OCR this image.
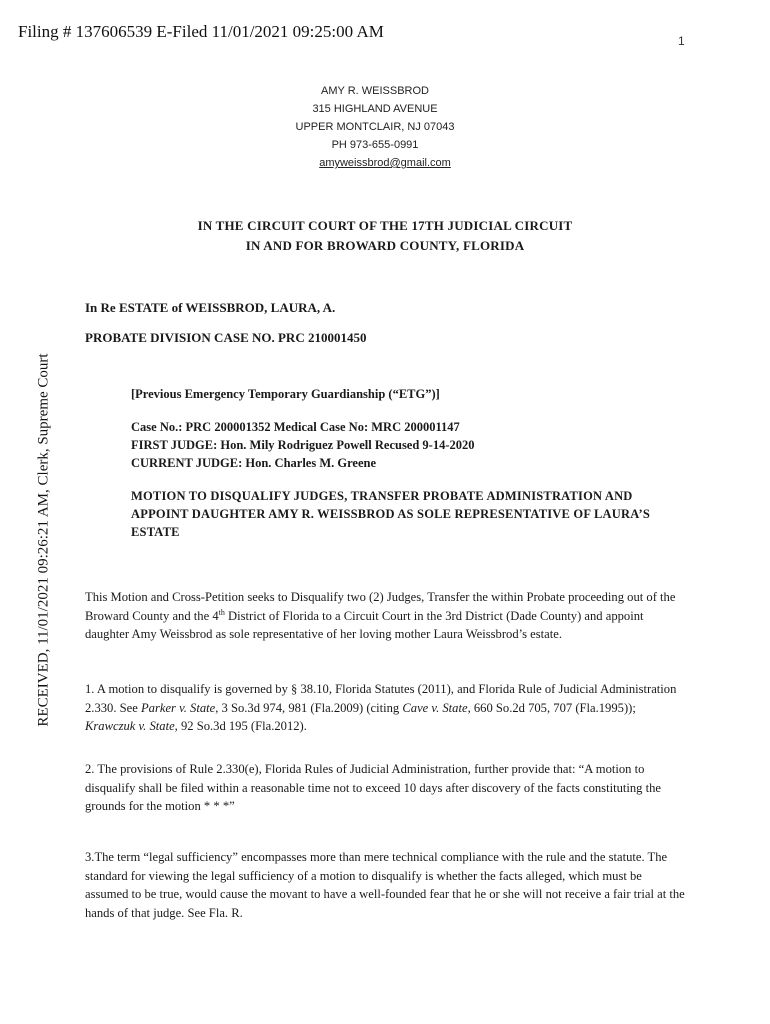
Filing # 137606539 E-Filed 11/01/2021 09:25:00 AM	1
RECEIVED, 11/01/2021 09:26:21 AM, Clerk, Supreme Court
AMY R. WEISSBROD
315 HIGHLAND AVENUE
UPPER MONTCLAIR, NJ 07043
PH 973-655-0991
amyweissbrod@gmail.com
IN THE CIRCUIT COURT OF THE 17TH JUDICIAL CIRCUIT
IN AND FOR BROWARD COUNTY, FLORIDA
In Re ESTATE of WEISSBROD, LAURA, A.
PROBATE DIVISION CASE NO. PRC 210001450
[Previous Emergency Temporary Guardianship (“ETG”)]
Case No.: PRC 200001352 Medical Case No: MRC 200001147
FIRST JUDGE: Hon. Mily Rodriguez Powell Recused 9-14-2020
CURRENT JUDGE: Hon. Charles M. Greene
MOTION TO DISQUALIFY JUDGES, TRANSFER PROBATE ADMINISTRATION AND APPOINT DAUGHTER AMY R. WEISSBROD AS SOLE REPRESENTATIVE OF LAURA’S ESTATE
This Motion and Cross-Petition seeks to Disqualify two (2) Judges, Transfer the within Probate proceeding out of the Broward County and the 4th District of Florida to a Circuit Court in the 3rd District (Dade County) and appoint daughter Amy Weissbrod as sole representative of her loving mother Laura Weissbrod’s estate.
1. A motion to disqualify is governed by § 38.10, Florida Statutes (2011), and Florida Rule of Judicial Administration 2.330. See Parker v. State, 3 So.3d 974, 981 (Fla.2009) (citing Cave v. State, 660 So.2d 705, 707 (Fla.1995)); Krawczuk v. State, 92 So.3d 195 (Fla.2012).
2. The provisions of Rule 2.330(e), Florida Rules of Judicial Administration, further provide that: “A motion to disqualify shall be filed within a reasonable time not to exceed 10 days after discovery of the facts constituting the grounds for the motion * * *”
3.The term “legal sufficiency” encompasses more than mere technical compliance with the rule and the statute. The standard for viewing the legal sufficiency of a motion to disqualify is whether the facts alleged, which must be assumed to be true, would cause the movant to have a well-founded fear that he or she will not receive a fair trial at the hands of that judge. See Fla. R.
